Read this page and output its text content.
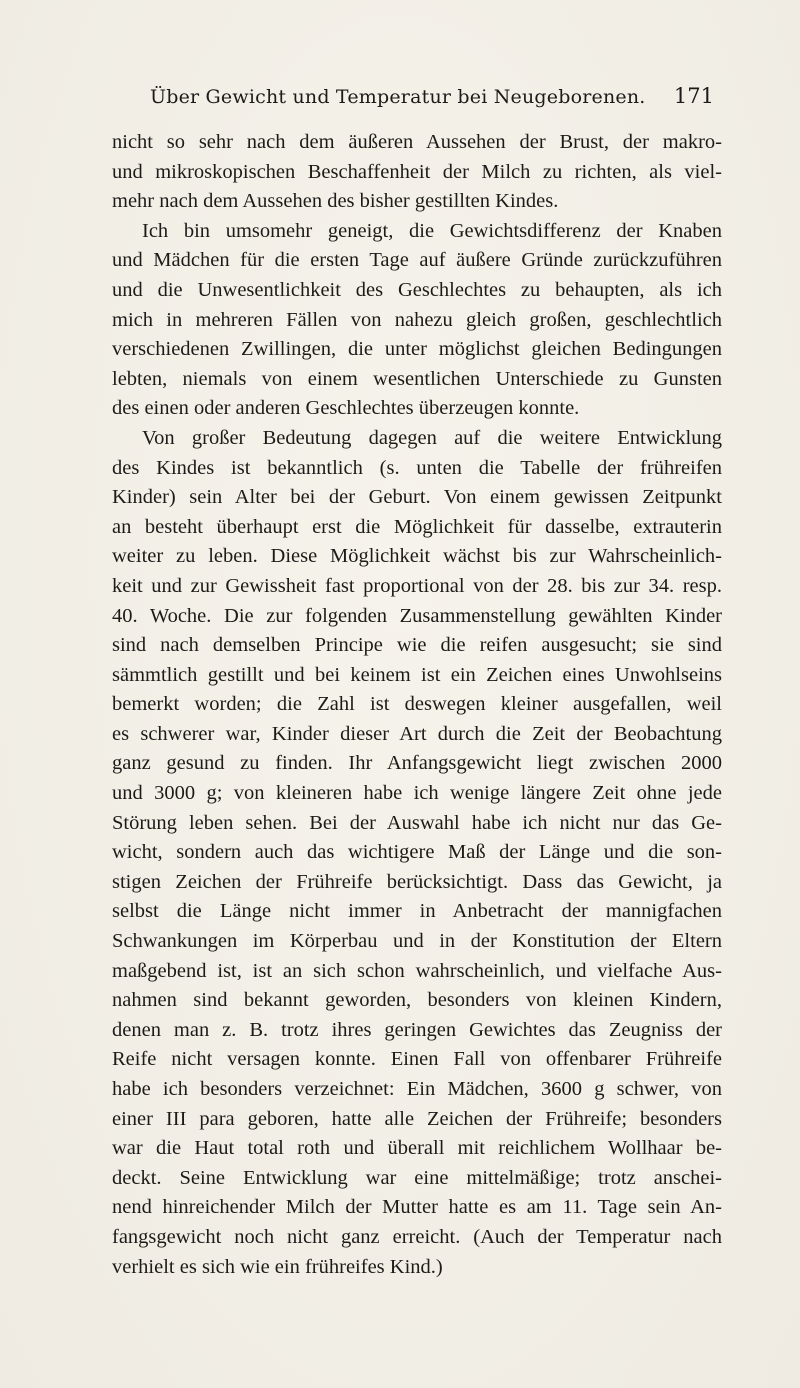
Über Gewicht und Temperatur bei Neugeborenen. 171
nicht so sehr nach dem äußeren Aussehen der Brust, der makro-
und mikroskopischen Beschaffenheit der Milch zu richten, als viel-
mehr nach dem Aussehen des bisher gestillten Kindes.
Ich bin umsomehr geneigt, die Gewichtsdifferenz der Knaben
und Mädchen für die ersten Tage auf äußere Gründe zurückzuführen
und die Unwesentlichkeit des Geschlechtes zu behaupten, als ich
mich in mehreren Fällen von nahezu gleich großen, geschlechtlich
verschiedenen Zwillingen, die unter möglichst gleichen Bedingungen
lebten, niemals von einem wesentlichen Unterschiede zu Gunsten
des einen oder anderen Geschlechtes überzeugen konnte.
Von großer Bedeutung dagegen auf die weitere Entwicklung
des Kindes ist bekanntlich (s. unten die Tabelle der frühreifen
Kinder) sein Alter bei der Geburt. Von einem gewissen Zeitpunkt
an besteht überhaupt erst die Möglichkeit für dasselbe, extrauterin
weiter zu leben. Diese Möglichkeit wächst bis zur Wahrscheinlich-
keit und zur Gewissheit fast proportional von der 28. bis zur 34. resp.
40. Woche. Die zur folgenden Zusammenstellung gewählten Kinder
sind nach demselben Principe wie die reifen ausgesucht; sie sind
sämmtlich gestillt und bei keinem ist ein Zeichen eines Unwohlseins
bemerkt worden; die Zahl ist deswegen kleiner ausgefallen, weil
es schwerer war, Kinder dieser Art durch die Zeit der Beobachtung
ganz gesund zu finden. Ihr Anfangsgewicht liegt zwischen 2000
und 3000 g; von kleineren habe ich wenige längere Zeit ohne jede
Störung leben sehen. Bei der Auswahl habe ich nicht nur das Ge-
wicht, sondern auch das wichtigere Maß der Länge und die son-
stigen Zeichen der Frühreife berücksichtigt. Dass das Gewicht, ja
selbst die Länge nicht immer in Anbetracht der mannigfachen
Schwankungen im Körperbau und in der Konstitution der Eltern
maßgebend ist, ist an sich schon wahrscheinlich, und vielfache Aus-
nahmen sind bekannt geworden, besonders von kleinen Kindern,
denen man z. B. trotz ihres geringen Gewichtes das Zeugniss der
Reife nicht versagen konnte. Einen Fall von offenbarer Frühreife
habe ich besonders verzeichnet: Ein Mädchen, 3600 g schwer, von
einer III para geboren, hatte alle Zeichen der Frühreife; besonders
war die Haut total roth und überall mit reichlichem Wollhaar be-
deckt. Seine Entwicklung war eine mittelmäßige; trotz anschei-
nend hinreichender Milch der Mutter hatte es am 11. Tage sein An-
fangsgewicht noch nicht ganz erreicht. (Auch der Temperatur nach
verhielt es sich wie ein frühreifes Kind.)
